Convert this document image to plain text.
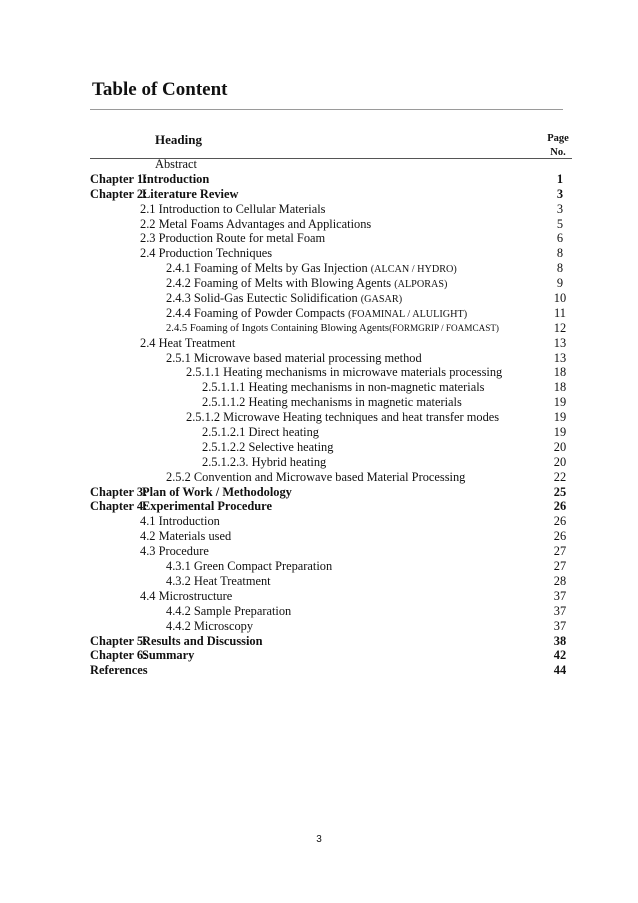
Table of Content
Heading	Page
No.
Abstract
Chapter 1:Introduction	1
Chapter 2:Literature Review	3
2.1 Introduction to Cellular Materials	3
2.2 Metal Foams Advantages and Applications	5
2.3 Production Route for metal Foam	6
2.4 Production Techniques	8
2.4.1 Foaming of Melts by Gas Injection (ALCAN / HYDRO)	8
2.4.2 Foaming of Melts with Blowing Agents (ALPORAS)	9
2.4.3 Solid-Gas Eutectic Solidification (GASAR)	10
2.4.4 Foaming of Powder Compacts (FOAMINAL / ALULIGHT)	11
2.4.5 Foaming of Ingots Containing Blowing Agents(FORMGRIP / FOAMCAST)	12
2.4 Heat Treatment	13
2.5.1 Microwave based material processing method	13
2.5.1.1 Heating mechanisms in microwave materials processing	18
2.5.1.1.1 Heating mechanisms in non-magnetic materials	18
2.5.1.1.2 Heating mechanisms in magnetic materials	19
2.5.1.2 Microwave Heating techniques and heat transfer modes	19
2.5.1.2.1 Direct heating	19
2.5.1.2.2 Selective heating	20
2.5.1.2.3. Hybrid heating	20
2.5.2 Convention and Microwave based Material Processing	22
Chapter 3:Plan of Work / Methodology	25
Chapter 4:Experimental Procedure	26
4.1 Introduction	26
4.2 Materials used	26
4.3 Procedure	27
4.3.1 Green Compact Preparation	27
4.3.2 Heat Treatment	28
4.4 Microstructure	37
4.4.2 Sample Preparation	37
4.4.2 Microscopy	37
Chapter 5:Results and Discussion	38
Chapter 6:Summary	42
References	44
3
